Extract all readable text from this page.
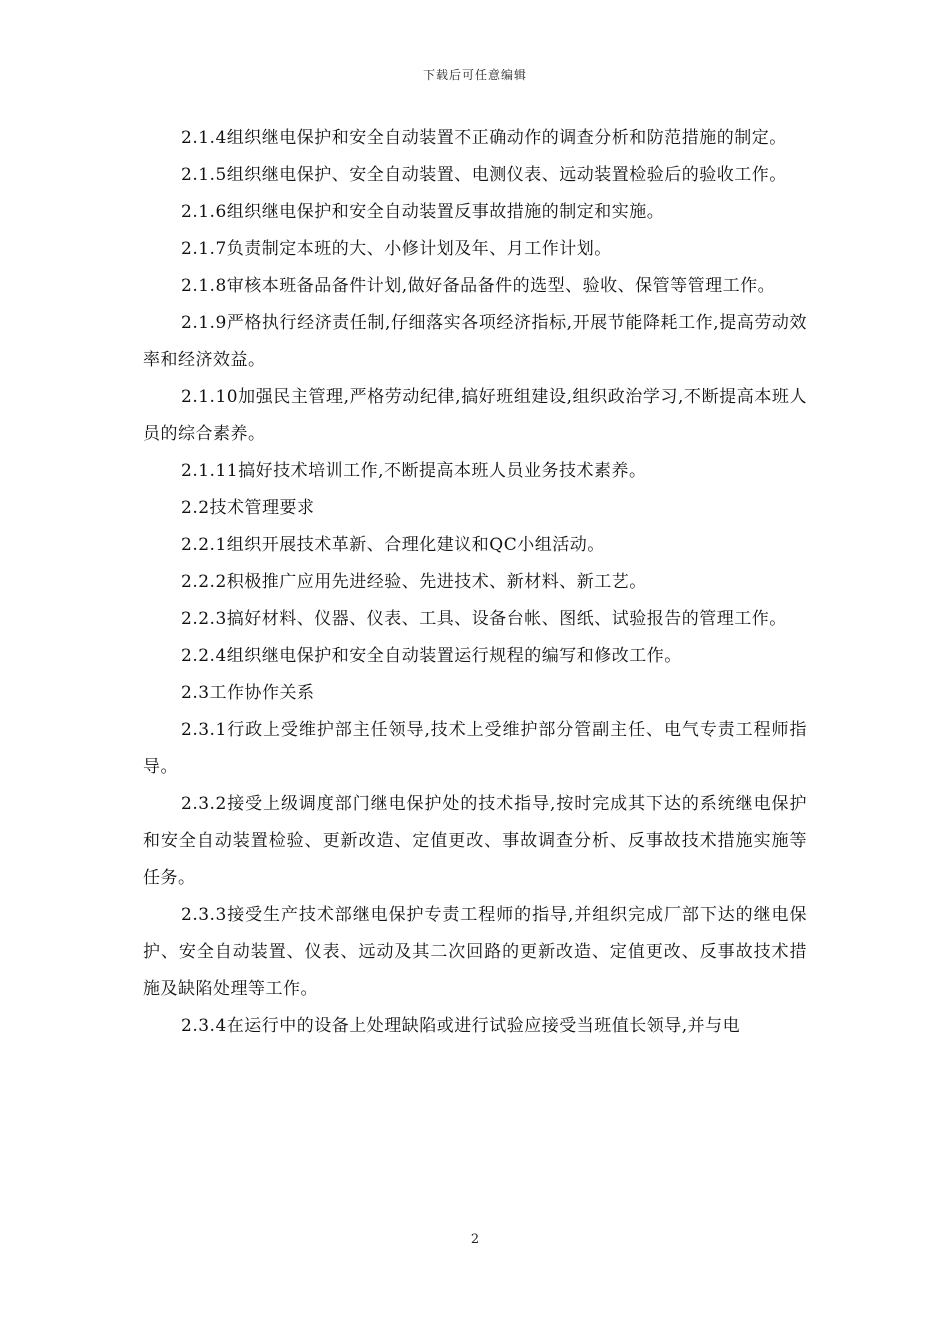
下载后可任意编辑

2.1.4组织继电保护和安全自动装置不正确动作的调查分析和防范措施的制定。

2.1.5组织继电保护、安全自动装置、电测仪表、远动装置检验后的验收工作。

2.1.6组织继电保护和安全自动装置反事故措施的制定和实施。

2.1.7负责制定本班的大、小修计划及年、月工作计划。

2.1.8审核本班备品备件计划,做好备品备件的选型、验收、保管等管理工作。

2.1.9严格执行经济责任制,仔细落实各项经济指标,开展节能降耗工作,提高劳动效率和经济效益。

2.1.10加强民主管理,严格劳动纪律,搞好班组建设,组织政治学习,不断提高本班人员的综合素养。

2.1.11搞好技术培训工作,不断提高本班人员业务技术素养。

2.2技术管理要求

2.2.1组织开展技术革新、合理化建议和QC小组活动。

2.2.2积极推广应用先进经验、先进技术、新材料、新工艺。

2.2.3搞好材料、仪器、仪表、工具、设备台帐、图纸、试验报告的管理工作。

2.2.4组织继电保护和安全自动装置运行规程的编写和修改工作。

2.3工作协作关系

2.3.1行政上受维护部主任领导,技术上受维护部分管副主任、电气专责工程师指导。

2.3.2接受上级调度部门继电保护处的技术指导,按时完成其下达的系统继电保护和安全自动装置检验、更新改造、定值更改、事故调查分析、反事故技术措施实施等任务。

2.3.3接受生产技术部继电保护专责工程师的指导,并组织完成厂部下达的继电保护、安全自动装置、仪表、远动及其二次回路的更新改造、定值更改、反事故技术措施及缺陷处理等工作。

2.3.4在运行中的设备上处理缺陷或进行试验应接受当班值长领导,并与电

2
